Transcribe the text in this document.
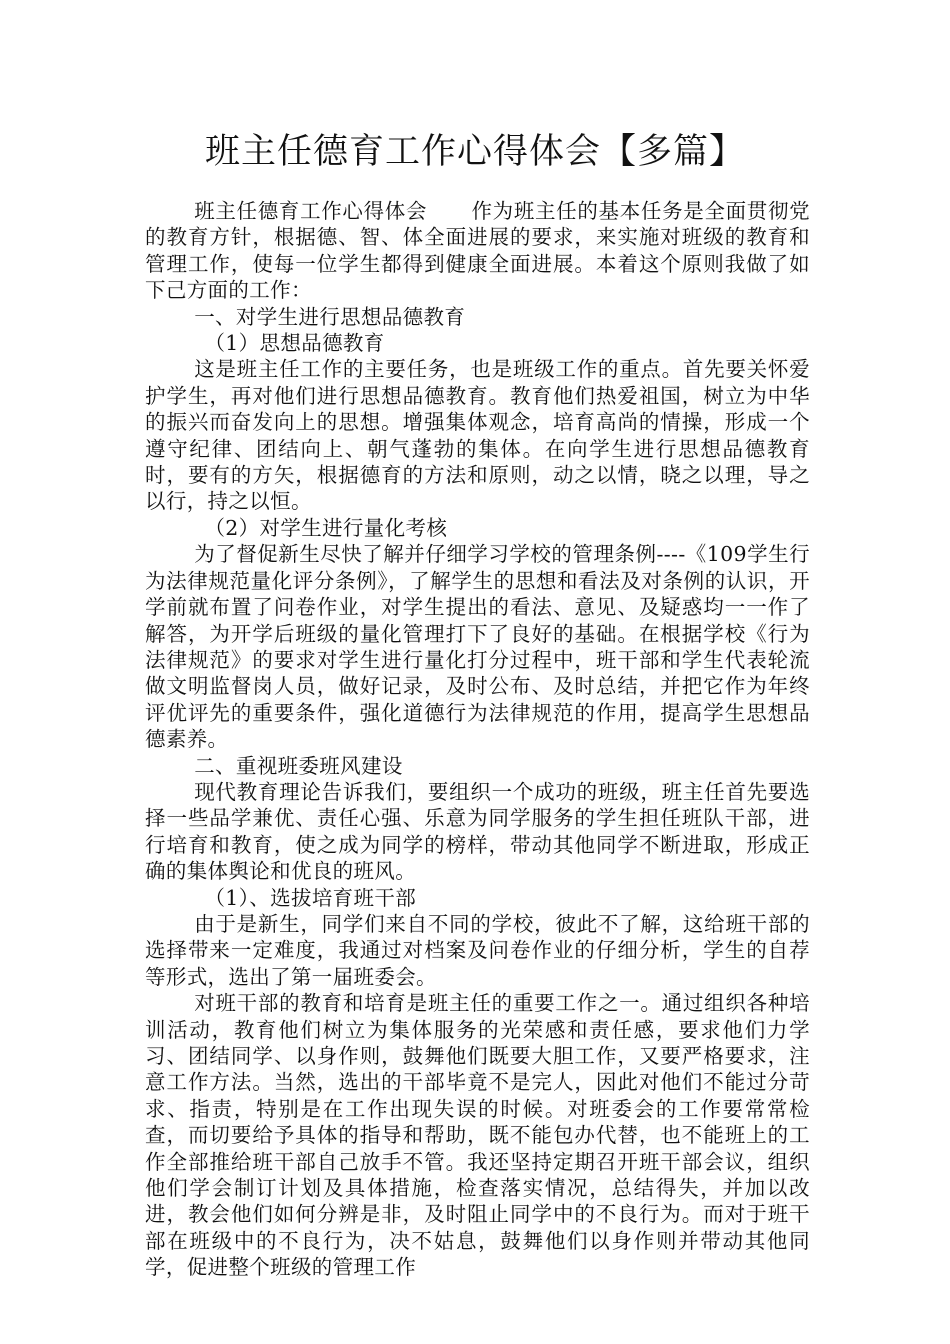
班主任德育工作心得体会【多篇】

班主任德育工作心得体会 作为班主任的基本任务是全面贯彻党的教育方针，根据德、智、体全面进展的要求，来实施对班级的教育和管理工作，使每一位学生都得到健康全面进展。本着这个原则我做了如下己方面的工作：

一、对学生进行思想品德教育

（1）思想品德教育

这是班主任工作的主要任务，也是班级工作的重点。首先要关怀爱护学生，再对他们进行思想品德教育。教育他们热爱祖国，树立为中华的振兴而奋发向上的思想。增强集体观念，培育高尚的情操，形成一个遵守纪律、团结向上、朝气蓬勃的集体。在向学生进行思想品德教育时，要有的方矢，根据德育的方法和原则，动之以情，晓之以理，导之以行，持之以恒。

（2）对学生进行量化考核

为了督促新生尽快了解并仔细学习学校的管理条例----《109学生行为法律规范量化评分条例》，了解学生的思想和看法及对条例的认识，开学前就布置了问卷作业，对学生提出的看法、意见、及疑惑均一一作了解答，为开学后班级的量化管理打下了良好的基础。在根据学校《行为法律规范》的要求对学生进行量化打分过程中，班干部和学生代表轮流做文明监督岗人员，做好记录，及时公布、及时总结，并把它作为年终评优评先的重要条件，强化道德行为法律规范的作用，提高学生思想品德素养。

二、重视班委班风建设

现代教育理论告诉我们，要组织一个成功的班级，班主任首先要选择一些品学兼优、责任心强、乐意为同学服务的学生担任班队干部，进行培育和教育，使之成为同学的榜样，带动其他同学不断进取，形成正确的集体舆论和优良的班风。

（1）、选拔培育班干部

由于是新生，同学们来自不同的学校，彼此不了解，这给班干部的选择带来一定难度，我通过对档案及问卷作业的仔细分析，学生的自荐等形式，选出了第一届班委会。

对班干部的教育和培育是班主任的重要工作之一。通过组织各种培训活动，教育他们树立为集体服务的光荣感和责任感，要求他们力学习、团结同学、以身作则，鼓舞他们既要大胆工作，又要严格要求，注意工作方法。当然，选出的干部毕竟不是完人，因此对他们不能过分苛求、指责，特别是在工作出现失误的时候。对班委会的工作要常常检查，而切要给予具体的指导和帮助，既不能包办代替，也不能班上的工作全部推给班干部自己放手不管。我还坚持定期召开班干部会议，组织他们学会制订计划及具体措施，检查落实情况，总结得失，并加以改进，教会他们如何分辨是非，及时阻止同学中的不良行为。而对于班干部在班级中的不良行为，决不姑息，鼓舞他们以身作则并带动其他同学，促进整个班级的管理工作
